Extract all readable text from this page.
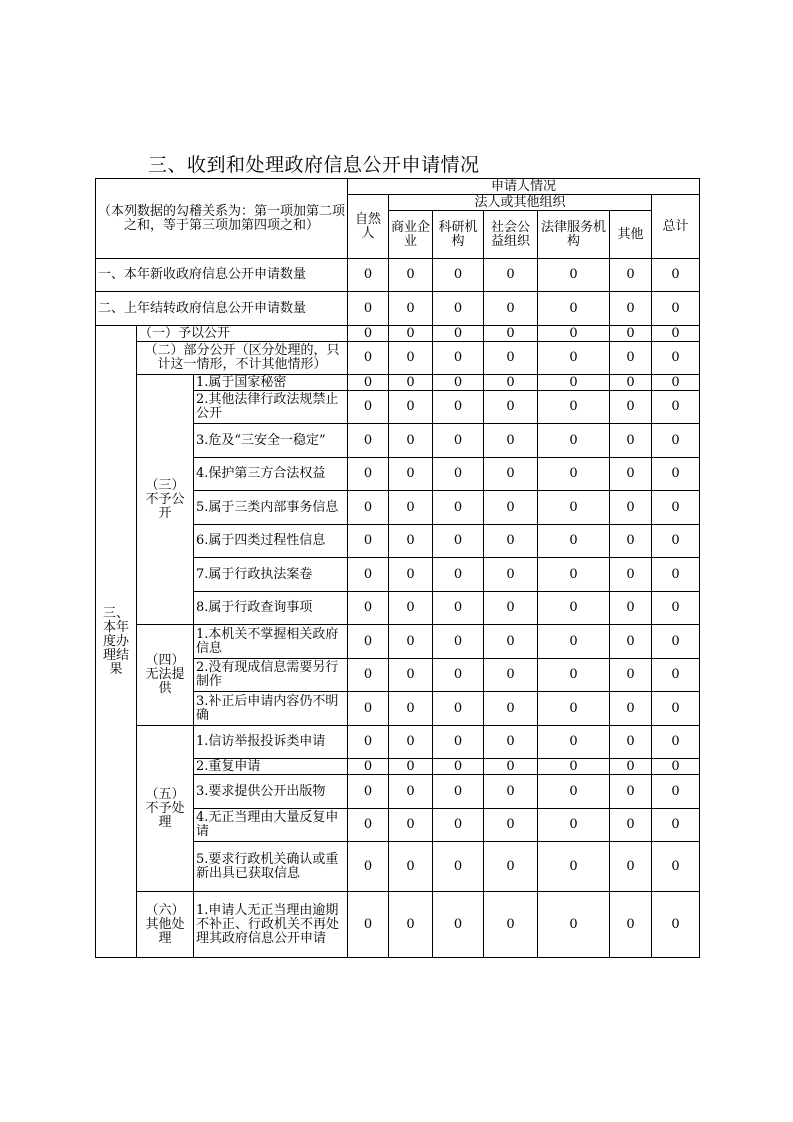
三、收到和处理政府信息公开申请情况
（本列数据的勾稽关系为：第一项加第二项之和，等于第三项加第四项之和）			申请人情况						
			自然人	法人或其他组织					总计
				商业企业	科研机构	社会公益组织	法律服务机构	其他	
一、本年新收政府信息公开申请数量			0	0	0	0	0	0	0
二、上年结转政府信息公开申请数量			0	0	0	0	0	0	0
三、本年度办理结果	（一）予以公开		0	0	0	0	0	0	0
	（二）部分公开（区分处理的，只计这一情形，不计其他情形）		0	0	0	0	0	0	0
	（三）不予公开	1.属于国家秘密	0	0	0	0	0	0	0
		2.其他法律行政法规禁止公开	0	0	0	0	0	0	0
		3.危及“三安全一稳定”	0	0	0	0	0	0	0
		4.保护第三方合法权益	0	0	0	0	0	0	0
		5.属于三类内部事务信息	0	0	0	0	0	0	0
		6.属于四类过程性信息	0	0	0	0	0	0	0
		7.属于行政执法案卷	0	0	0	0	0	0	0
		8.属于行政查询事项	0	0	0	0	0	0	0
	（四）无法提供	1.本机关不掌握相关政府信息	0	0	0	0	0	0	0
		2.没有现成信息需要另行制作	0	0	0	0	0	0	0
		3.补正后申请内容仍不明确	0	0	0	0	0	0	0
	（五）不予处理	1.信访举报投诉类申请	0	0	0	0	0	0	0
		2.重复申请	0	0	0	0	0	0	0
		3.要求提供公开出版物	0	0	0	0	0	0	0
		4.无正当理由大量反复申请	0	0	0	0	0	0	0
		5.要求行政机关确认或重新出具已获取信息	0	0	0	0	0	0	0
	（六）其他处理	1.申请人无正当理由逾期不补正、行政机关不再处理其政府信息公开申请	0	0	0	0	0	0	0
